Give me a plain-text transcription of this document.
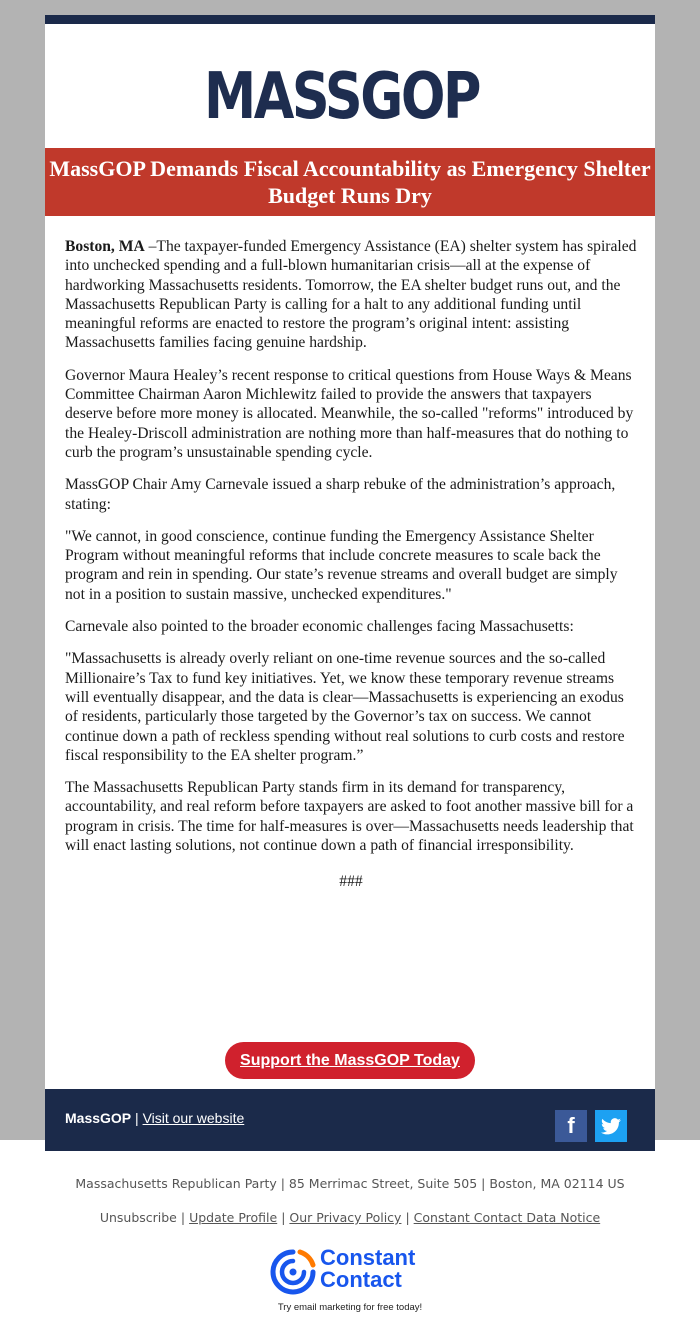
MASSGOP
MassGOP Demands Fiscal Accountability as Emergency Shelter Budget Runs Dry

Boston, MA –The taxpayer-funded Emergency Assistance (EA) shelter system has spiraled into unchecked spending and a full-blown humanitarian crisis—all at the expense of hardworking Massachusetts residents. Tomorrow, the EA shelter budget runs out, and the Massachusetts Republican Party is calling for a halt to any additional funding until meaningful reforms are enacted to restore the program’s original intent: assisting Massachusetts families facing genuine hardship.

Governor Maura Healey’s recent response to critical questions from House Ways & Means Committee Chairman Aaron Michlewitz failed to provide the answers that taxpayers deserve before more money is allocated. Meanwhile, the so-called "reforms" introduced by the Healey-Driscoll administration are nothing more than half-measures that do nothing to curb the program’s unsustainable spending cycle.

MassGOP Chair Amy Carnevale issued a sharp rebuke of the administration’s approach, stating:

"We cannot, in good conscience, continue funding the Emergency Assistance Shelter Program without meaningful reforms that include concrete measures to scale back the program and rein in spending. Our state’s revenue streams and overall budget are simply not in a position to sustain massive, unchecked expenditures."

Carnevale also pointed to the broader economic challenges facing Massachusetts:

"Massachusetts is already overly reliant on one-time revenue sources and the so-called Millionaire’s Tax to fund key initiatives. Yet, we know these temporary revenue streams will eventually disappear, and the data is clear—Massachusetts is experiencing an exodus of residents, particularly those targeted by the Governor’s tax on success. We cannot continue down a path of reckless spending without real solutions to curb costs and restore fiscal responsibility to the EA shelter program.”

The Massachusetts Republican Party stands firm in its demand for transparency, accountability, and real reform before taxpayers are asked to foot another massive bill for a program in crisis. The time for half-measures is over—Massachusetts needs leadership that will enact lasting solutions, not continue down a path of financial irresponsibility.

###
Support the MassGOP Today
MassGOP | Visit our website	f
Massachusetts Republican Party | 85 Merrimac Street, Suite 505 | Boston, MA 02114 US
Unsubscribe | Update Profile | Our Privacy Policy | Constant Contact Data Notice
Constant
Contact
Try email marketing for free today!
